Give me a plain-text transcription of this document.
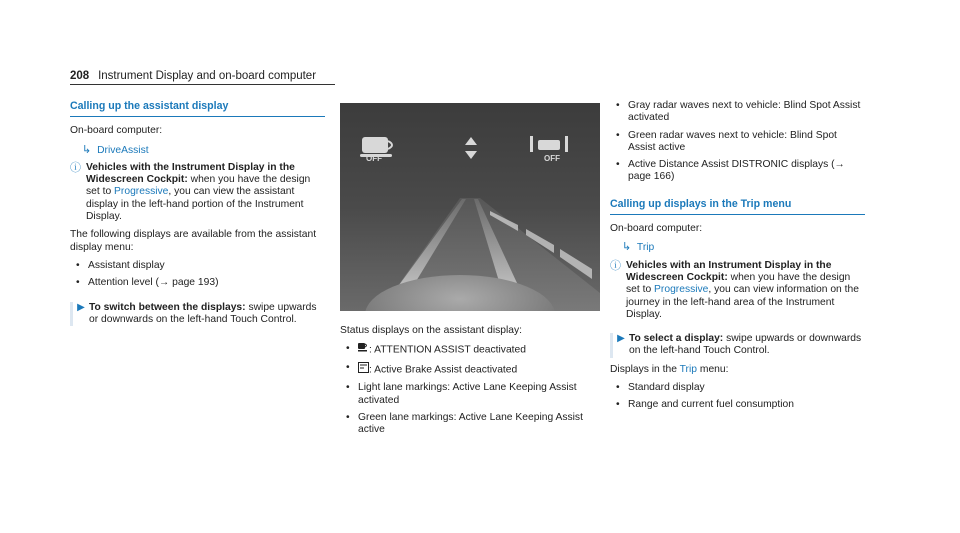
208 Instrument Display and on-board computer
Calling up the assistant display
On-board computer:
↳ DriveAssist
ⓘ Vehicles with the Instrument Display in the Widescreen Cockpit: when you have the design set to Progressive, you can view the assistant display in the left-hand portion of the Instrument Display.
The following displays are available from the assistant display menu:
• Assistant display
• Attention level (→ page 193)
▶ To switch between the displays: swipe upwards or downwards on the left-hand Touch Control.
OFF	OFF
Status displays on the assistant display:
• : ATTENTION ASSIST deactivated
• : Active Brake Assist deactivated
• Light lane markings: Active Lane Keeping Assist activated
• Green lane markings: Active Lane Keeping Assist active
• Gray radar waves next to vehicle: Blind Spot Assist activated
• Green radar waves next to vehicle: Blind Spot Assist active
• Active Distance Assist DISTRONIC displays (→ page 166)
Calling up displays in the Trip menu
On-board computer:
↳ Trip
ⓘ Vehicles with an Instrument Display in the Widescreen Cockpit: when you have the design set to Progressive, you can view information on the journey in the left-hand area of the Instrument Display.
▶ To select a display: swipe upwards or downwards on the left-hand Touch Control.
Displays in the Trip menu:
• Standard display
• Range and current fuel consumption
